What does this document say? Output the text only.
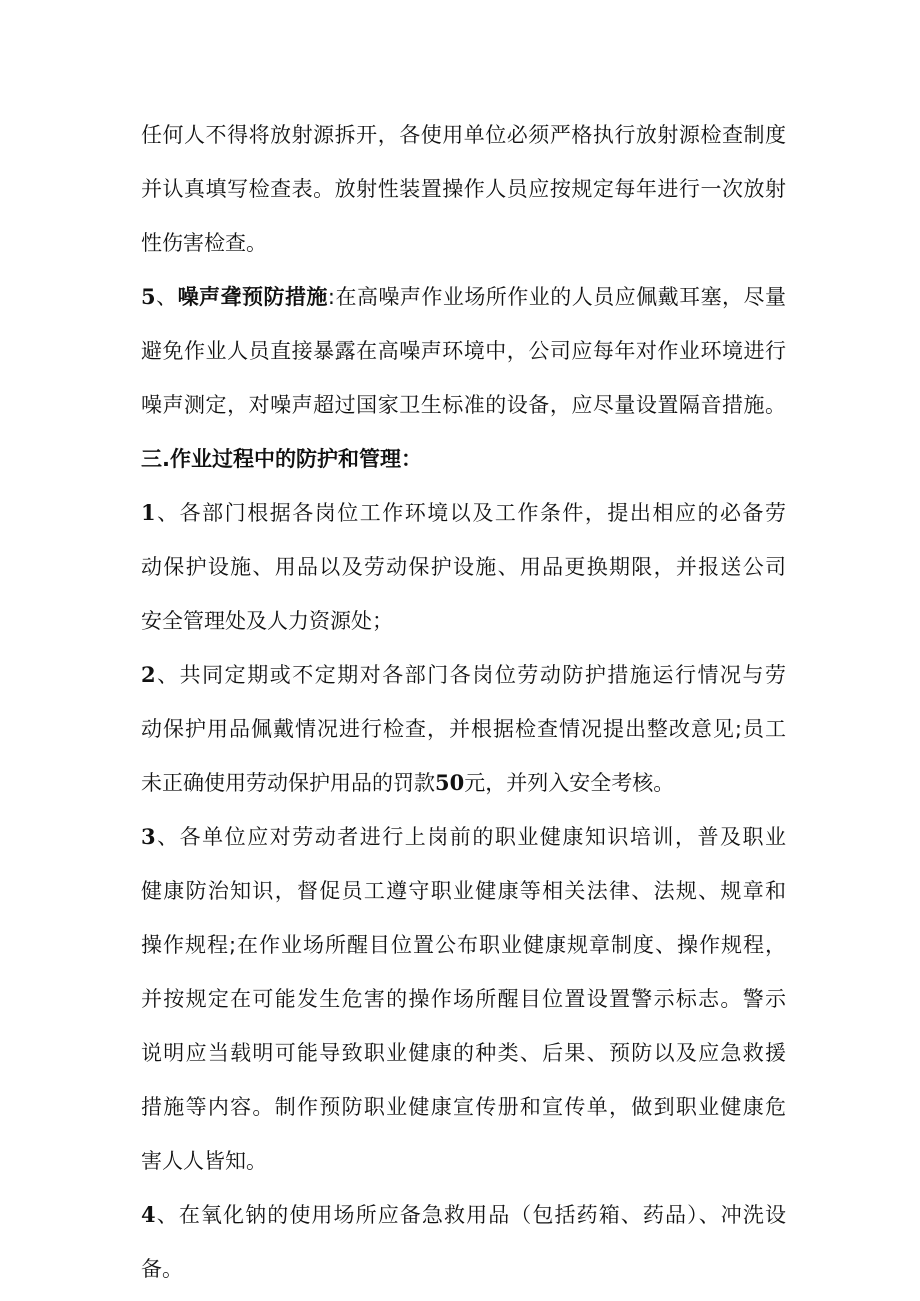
任何人不得将放射源拆开，各使用单位必须严格执行放射源检查制度
并认真填写检查表。放射性装置操作人员应按规定每年进行一次放射
性伤害检查。
5、噪声聋预防措施:在高噪声作业场所作业的人员应佩戴耳塞，尽量
避免作业人员直接暴露在高噪声环境中，公司应每年对作业环境进行
噪声测定，对噪声超过国家卫生标准的设备，应尽量设置隔音措施。
三.作业过程中的防护和管理：
1、各部门根据各岗位工作环境以及工作条件，提出相应的必备劳
动保护设施、用品以及劳动保护设施、用品更换期限，并报送公司
安全管理处及人力资源处；
2、共同定期或不定期对各部门各岗位劳动防护措施运行情况与劳
动保护用品佩戴情况进行检查，并根据检查情况提出整改意见;员工
未正确使用劳动保护用品的罚款50元，并列入安全考核。
3、各单位应对劳动者进行上岗前的职业健康知识培训，普及职业
健康防治知识，督促员工遵守职业健康等相关法律、法规、规章和
操作规程;在作业场所醒目位置公布职业健康规章制度、操作规程，
并按规定在可能发生危害的操作场所醒目位置设置警示标志。警示
说明应当载明可能导致职业健康的种类、后果、预防以及应急救援
措施等内容。制作预防职业健康宣传册和宣传单，做到职业健康危
害人人皆知。
4、在氧化钠的使用场所应备急救用品（包括药箱、药品）、冲洗设
备。
